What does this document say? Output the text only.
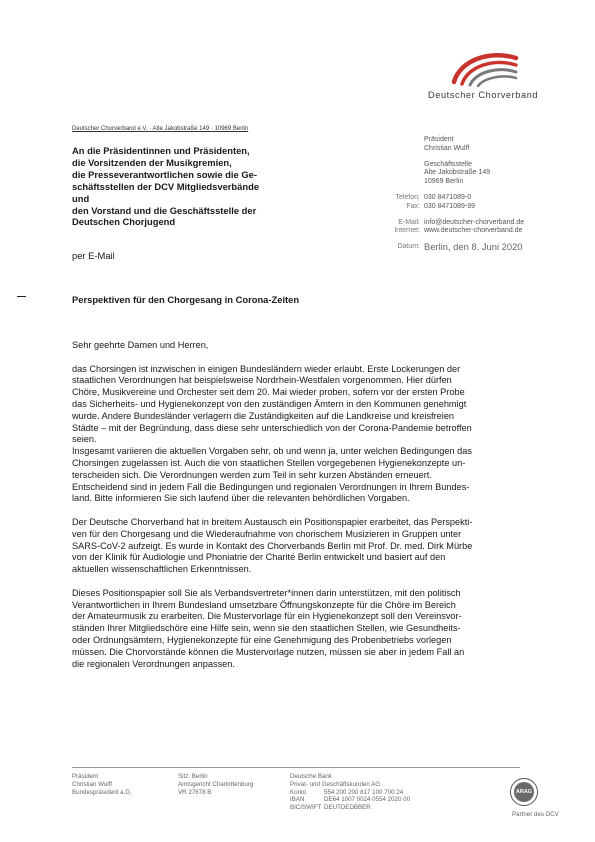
Deutscher Chorverband
Deutscher Chorverband e.V. · Alte Jakobstraße 149 · 10969 Berlin
An die Präsidentinnen und Präsidenten,
die Vorsitzenden der Musikgremien,
die Presseverantwortlichen sowie die Ge-
schäftsstellen der DCV Mitgliedsverbände
und
den Vorstand und die Geschäftsstelle der
Deutschen Chorjugend
per E-Mail
Präsident
Christian Wulff
Geschäftsstelle
Alte Jakobstraße 149
10969 Berlin
Telefon: 030 8471089-0
Fax: 030 8471089-99
E-Mail: info@deutscher-chorverband.de
Internet: www.deutscher-chorverband.de
Datum: Berlin, den 8. Juni 2020
Perspektiven für den Chorgesang in Corona-Zeiten

Sehr geehrte Damen und Herren,

das Chorsingen ist inzwischen in einigen Bundesländern wieder erlaubt. Erste Lockerungen der

staatlichen Verordnungen hat beispielsweise Nordrhein-Westfalen vorgenommen. Hier dürfen

Chöre, Musikvereine und Orchester seit dem 20. Mai wieder proben, sofern vor der ersten Probe

das Sicherheits- und Hygienekonzept von den zuständigen Ämtern in den Kommunen genehmigt

wurde. Andere Bundesländer verlagern die Zuständigkeiten auf die Landkreise und kreisfreien

Städte – mit der Begründung, dass diese sehr unterschiedlich von der Corona-Pandemie betroffen

seien.

Insgesamt variieren die aktuellen Vorgaben sehr, ob und wenn ja, unter welchen Bedingungen das

Chorsingen zugelassen ist. Auch die von staatlichen Stellen vorgegebenen Hygienekonzepte un-

terscheiden sich. Die Verordnungen werden zum Teil in sehr kurzen Abständen erneuert.

Entscheidend sind in jedem Fall die Bedingungen und regionalen Verordnungen in Ihrem Bundes-

land. Bitte informieren Sie sich laufend über die relevanten behördlichen Vorgaben.

Der Deutsche Chorverband hat in breitem Austausch ein Positionspapier erarbeitet, das Perspekti-

ven für den Chorgesang und die Wiederaufnahme von chorischem Musizieren in Gruppen unter

SARS-CoV-2 aufzeigt. Es wurde in Kontakt des Chorverbands Berlin mit Prof. Dr. med. Dirk Mürbe

von der Klinik für Audiologie und Phoniatrie der Charité Berlin entwickelt und basiert auf den

aktuellen wissenschaftlichen Erkenntnissen.

Dieses Positionspapier soll Sie als Verbandsvertreter*innen darin unterstützen, mit den politisch

Verantwortlichen in Ihrem Bundesland umsetzbare Öffnungskonzepte für die Chöre im Bereich

der Amateurmusik zu erarbeiten. Die Mustervorlage für ein Hygienekonzept soll den Vereinsvor-

ständen Ihrer Mitgliedschöre eine Hilfe sein, wenn sie den staatlichen Stellen, wie Gesundheits-

oder Ordnungsämtern, Hygienekonzepte für eine Genehmigung des Probenbetriebs vorlegen

müssen. Die Chorvorstände können die Mustervorlage nutzen, müssen sie aber in jedem Fall an

die regionalen Verordnungen anpassen.

Präsident
Christian Wulff
Bundespräsident a.D.
Sitz: Berlin
Amtsgericht Charlottenburg
VR 27678 B
Deutsche Bank
Privat- und Geschäftskunden AG
Konto	554 200 200 817 100 700 24
IBAN	DE64 1007 0024 0554 2020 00
BIC/SWIFT DEUTDEDBBER
ARAG
Partner des DCV
